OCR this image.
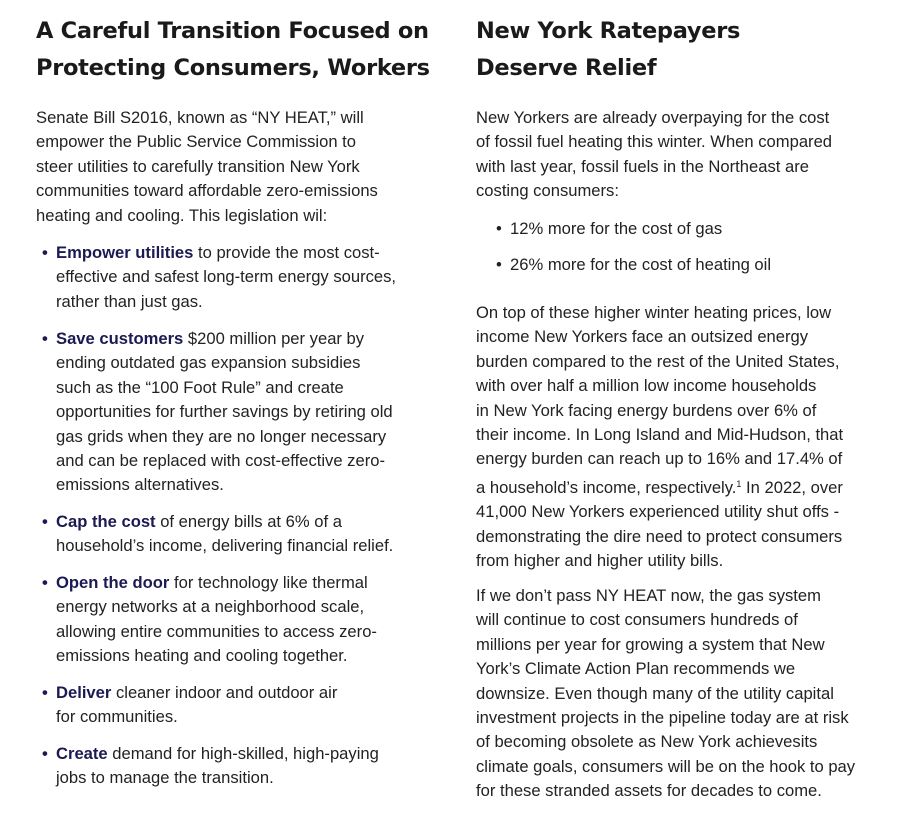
A Careful Transition Focused on
Protecting Consumers, Workers
Senate Bill S2016, known as “NY HEAT,” will
empower the Public Service Commission to
steer utilities to carefully transition New York
communities toward affordable zero-emissions
heating and cooling. This legislation wil:
• Empower utilities to provide the most cost-
effective and safest long-term energy sources,
rather than just gas.
• Save customers $200 million per year by
ending outdated gas expansion subsidies
such as the “100 Foot Rule” and create
opportunities for further savings by retiring old
gas grids when they are no longer necessary
and can be replaced with cost-effective zero-
emissions alternatives.
• Cap the cost of energy bills at 6% of a
household’s income, delivering financial relief.
• Open the door for technology like thermal
energy networks at a neighborhood scale,
allowing entire communities to access zero-
emissions heating and cooling together.
• Deliver cleaner indoor and outdoor air
for communities.
• Create demand for high-skilled, high-paying
jobs to manage the transition.
New York Ratepayers
Deserve Relief
New Yorkers are already overpaying for the cost
of fossil fuel heating this winter. When compared
with last year, fossil fuels in the Northeast are
costing consumers:
• 12% more for the cost of gas
• 26% more for the cost of heating oil
On top of these higher winter heating prices, low
income New Yorkers face an outsized energy
burden compared to the rest of the United States,
with over half a million low income households
in New York facing energy burdens over 6% of
their income. In Long Island and Mid-Hudson, that
energy burden can reach up to 16% and 17.4% of
a household’s income, respectively.$^1$ In 2022, over
41,000 New Yorkers experienced utility shut offs -
demonstrating the dire need to protect consumers
from higher and higher utility bills.
If we don’t pass NY HEAT now, the gas system
will continue to cost consumers hundreds of
millions per year for growing a system that New
York’s Climate Action Plan recommends we
downsize. Even though many of the utility capital
investment projects in the pipeline today are at risk
of becoming obsolete as New York achievesits
climate goals, consumers will be on the hook to pay
for these stranded assets for decades to come.
